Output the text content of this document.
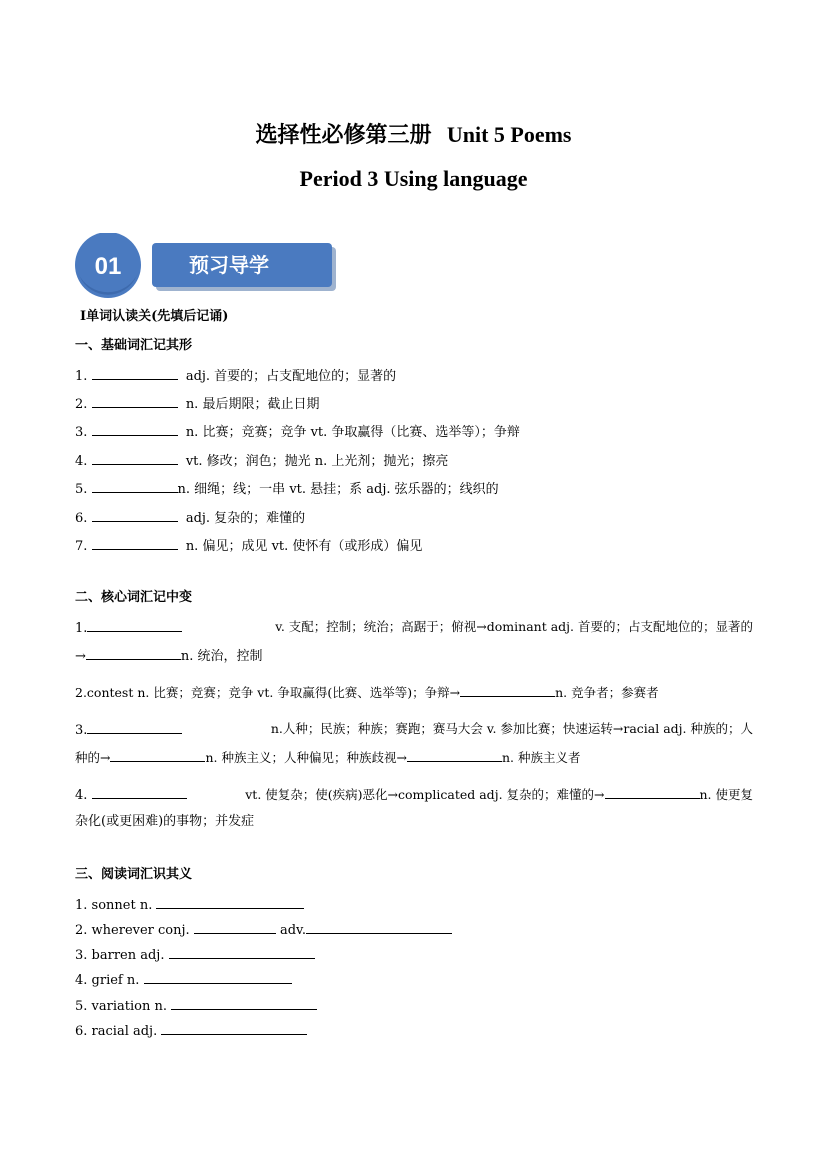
选择性必修第三册 Unit 5 Poems
Period 3 Using language
01	预习导学
Ⅰ单词认读关(先填后记诵)
一、基础词汇记其形
1.	adj. 首要的；占支配地位的；显著的
2.	n. 最后期限；截止日期
3.	n. 比赛；竞赛；竞争 vt. 争取赢得（比赛、选举等）；争辩
4.	vt. 修改；润色；抛光 n. 上光剂；抛光；擦亮
5.	n. 细绳；线；一串 vt. 悬挂；系 adj. 弦乐器的；线织的
6.	adj. 复杂的；难懂的
7.	n. 偏见；成见 vt. 使怀有（或形成）偏见
二、核心词汇记中变
1.	v. 支配；控制；统治；高踞于；俯视→dominant adj. 首要的；占支配地位的；显著的
→	n. 统治，控制
2.contest n. 比赛；竞赛；竞争 vt. 争取赢得(比赛、选举等)；争辩→	n. 竞争者；参赛者
3.	n.人种；民族；种族；赛跑；赛马大会 v. 参加比赛；快速运转→racial adj. 种族的；人
种的→	n. 种族主义；人种偏见；种族歧视→	n. 种族主义者
4.	vt. 使复杂；使(疾病)恶化→complicated adj. 复杂的；难懂的→	n. 使更复
杂化(或更困难)的事物；并发症
三、阅读词汇识其义
1. sonnet n.
2. wherever conj.	adv.
3. barren adj.
4. grief n.
5. variation n.
6. racial adj.
